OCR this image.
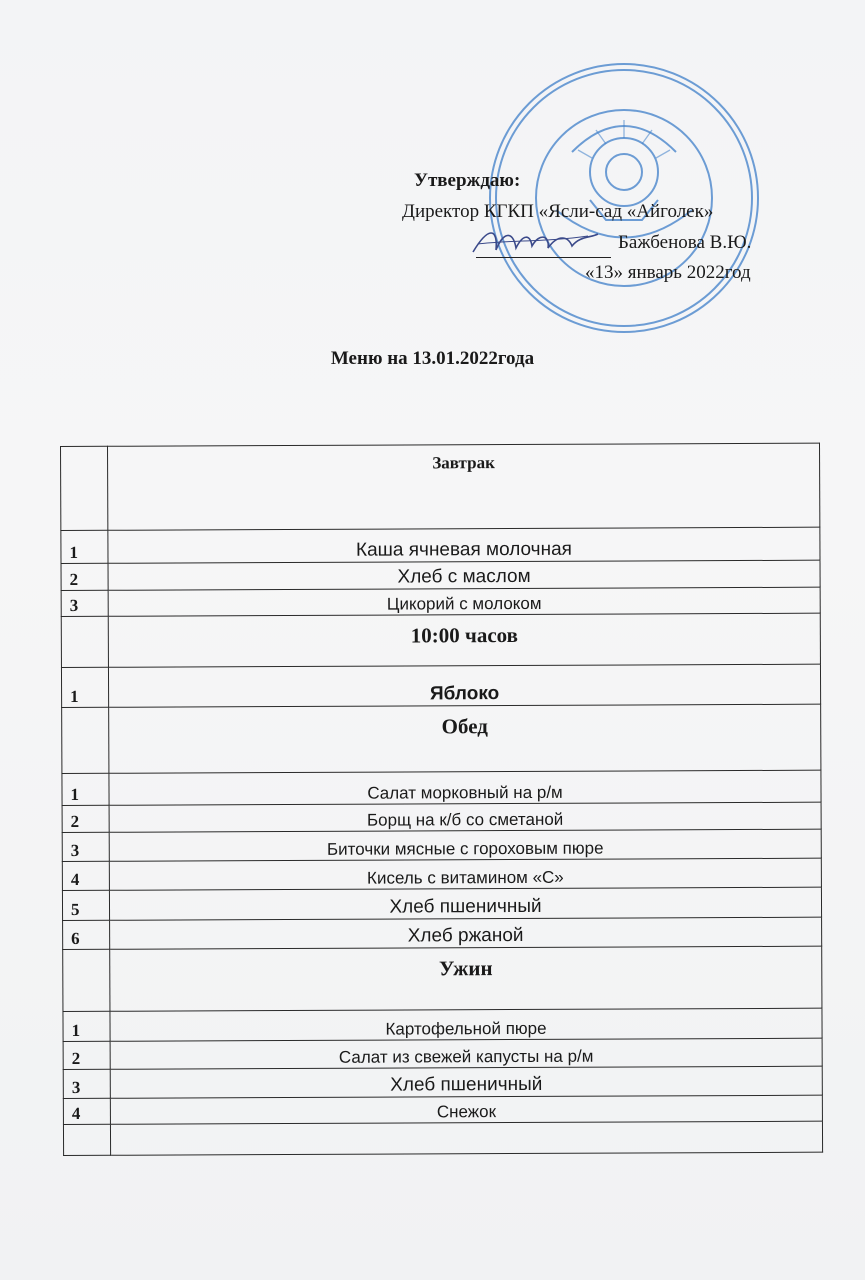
Утверждаю:
Директор КГКП «Ясли-сад «Айголек»
Бажбенова В.Ю.
«13» январь 2022год
Меню на 13.01.2022года
	Завтрак
1	Каша ячневая молочная
2	Хлеб с маслом
3	Цикорий с молоком
	10:00 часов
1	Яблоко
	Обед
1	Салат морковный на р/м
2	Борщ на к/б со сметаной
3	Биточки мясные с гороховым пюре
4	Кисель с витамином «С»
5	Хлеб пшеничный
6	Хлеб ржаной
	Ужин
1	Картофельной пюре
2	Салат из свежей капусты на р/м
3	Хлеб пшеничный
4	Снежок
